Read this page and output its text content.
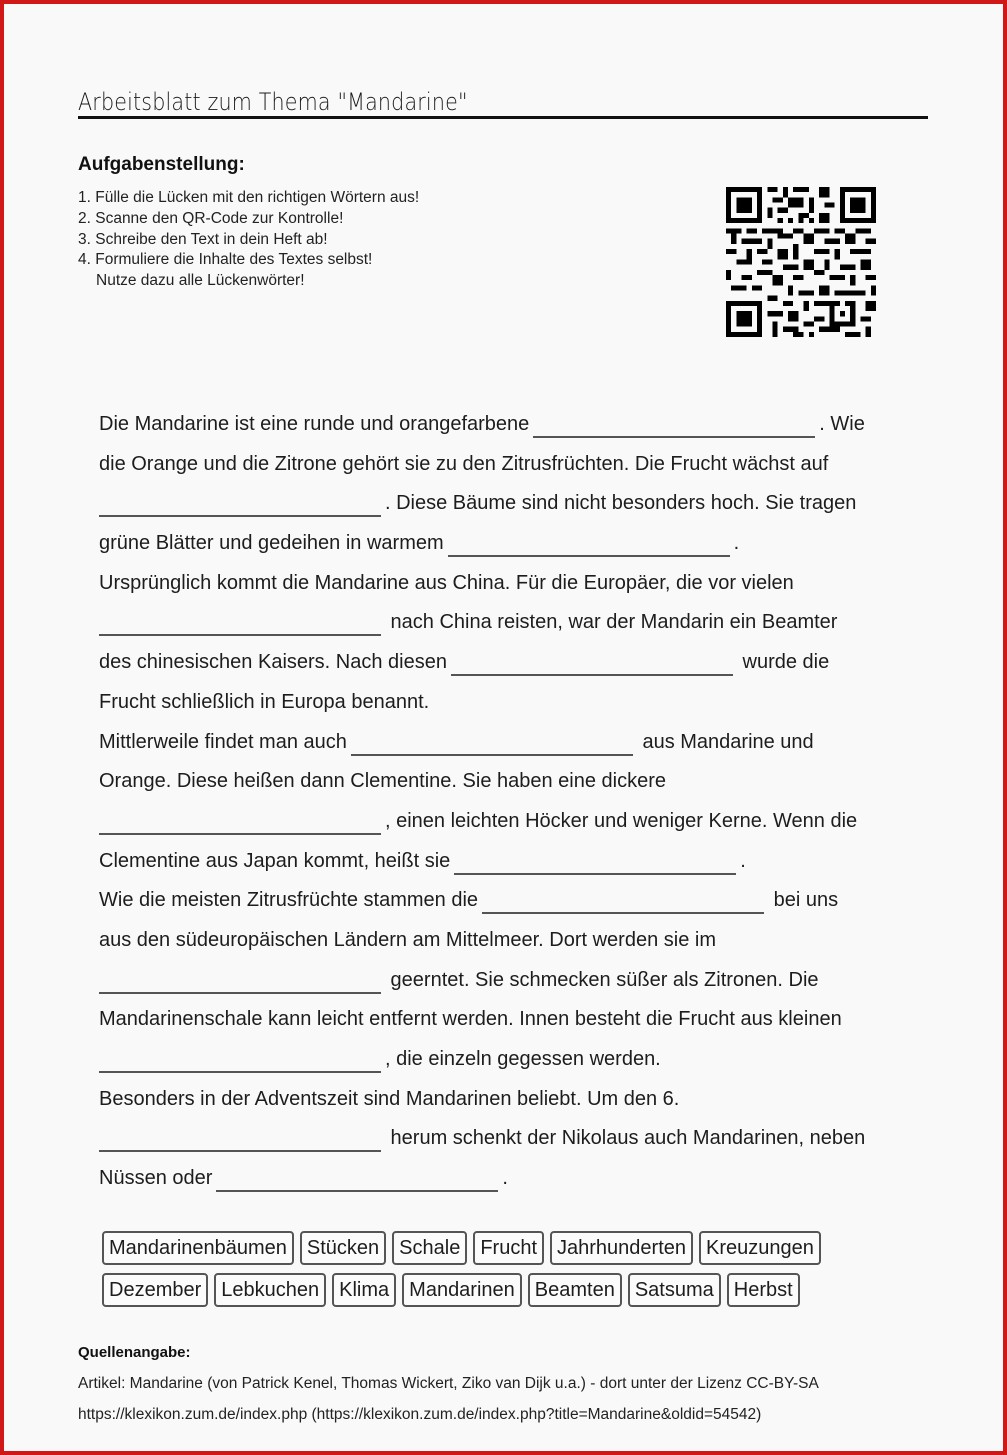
Arbeitsblatt zum Thema "Mandarine"
Aufgabenstellung:
1. Fülle die Lücken mit den richtigen Wörtern aus!
2. Scanne den QR-Code zur Kontrolle!
3. Schreibe den Text in dein Heft ab!
4. Formuliere die Inhalte des Textes selbst!
Nutze dazu alle Lückenwörter!
Die Mandarine ist eine runde und orangefarbene	. Wie
die Orange und die Zitrone gehört sie zu den Zitrusfrüchten. Die Frucht wächst auf
. Diese Bäume sind nicht besonders hoch. Sie tragen
grüne Blätter und gedeihen in warmem	.
Ursprünglich kommt die Mandarine aus China. Für die Europäer, die vor vielen
nach China reisten, war der Mandarin ein Beamter
des chinesischen Kaisers. Nach diesen	wurde die
Frucht schließlich in Europa benannt.
Mittlerweile findet man auch	aus Mandarine und
Orange. Diese heißen dann Clementine. Sie haben eine dickere
, einen leichten Höcker und weniger Kerne. Wenn die
Clementine aus Japan kommt, heißt sie	.
Wie die meisten Zitrusfrüchte stammen die	bei uns
aus den südeuropäischen Ländern am Mittelmeer. Dort werden sie im
geerntet. Sie schmecken süßer als Zitronen. Die
Mandarinenschale kann leicht entfernt werden. Innen besteht die Frucht aus kleinen
, die einzeln gegessen werden.
Besonders in der Adventszeit sind Mandarinen beliebt. Um den 6.
herum schenkt der Nikolaus auch Mandarinen, neben
Nüssen oder	.
Mandarinenbäumen	Stücken	Schale	Frucht	Jahrhunderten	Kreuzungen
Dezember	Lebkuchen	Klima	Mandarinen	Beamten	Satsuma	Herbst
Quellenangabe:
Artikel: Mandarine (von Patrick Kenel, Thomas Wickert, Ziko van Dijk u.a.) - dort unter der Lizenz CC-BY-SA
https://klexikon.zum.de/index.php (https://klexikon.zum.de/index.php?title=Mandarine&oldid=54542)
